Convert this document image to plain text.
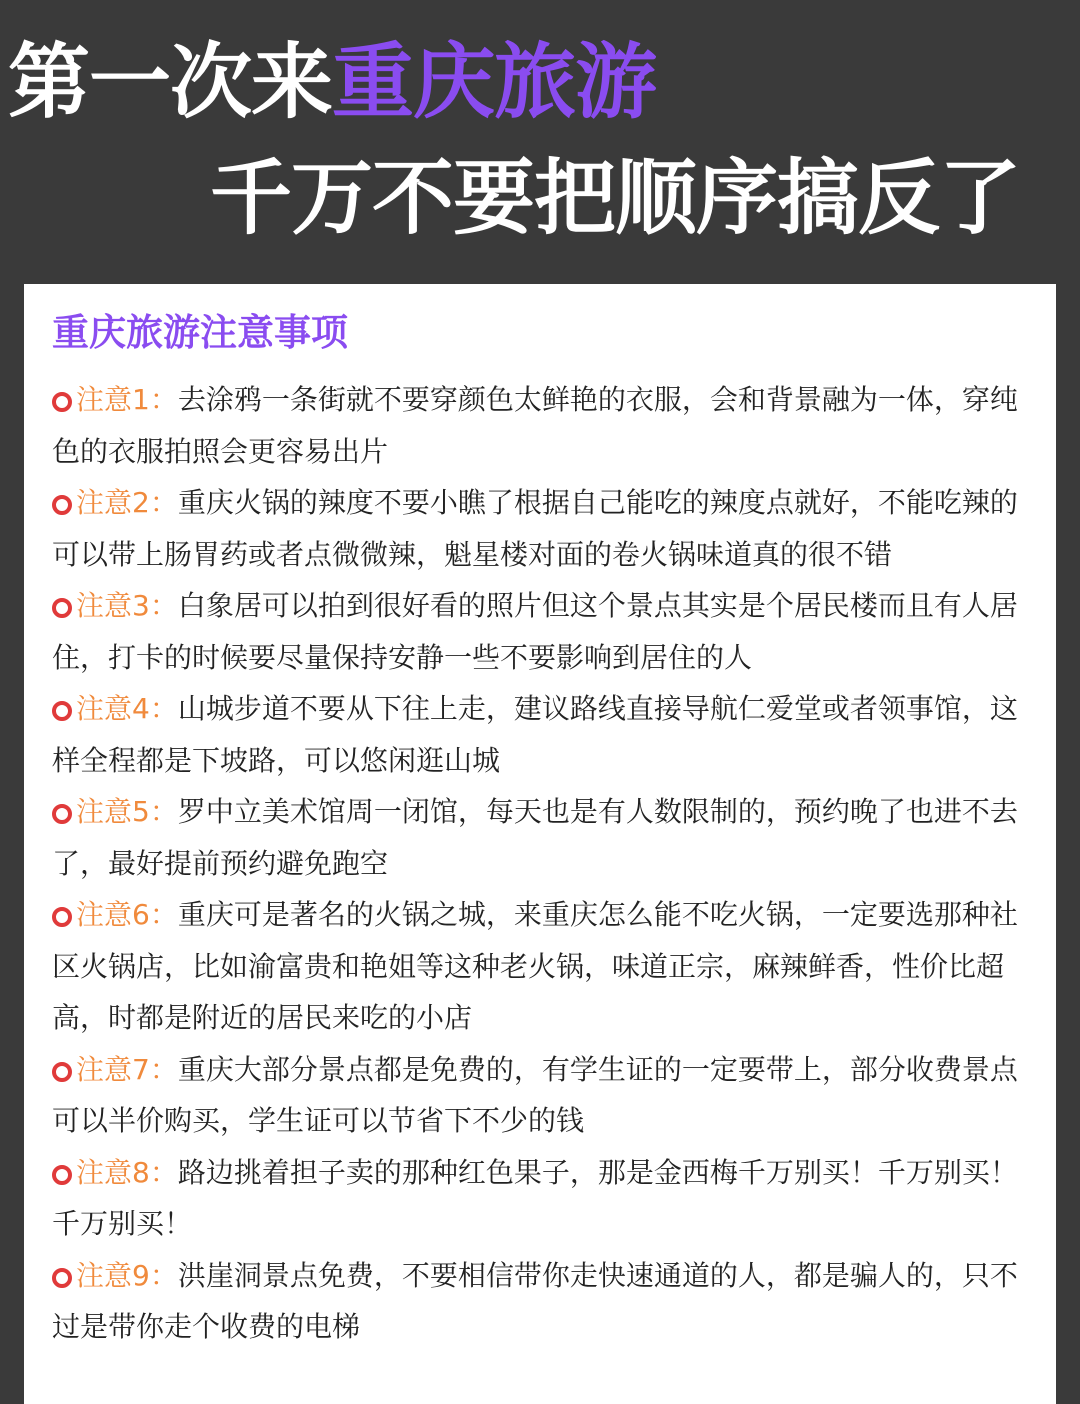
第一次来重庆旅游
千万不要把顺序搞反了
重庆旅游注意事项

注意1：去涂鸦一条街就不要穿颜色太鲜艳的衣服，会和背景融为一体，穿纯色的衣服拍照会更容易出片

注意2：重庆火锅的辣度不要小瞧了根据自己能吃的辣度点就好，不能吃辣的可以带上肠胃药或者点微微辣，魁星楼对面的卷火锅味道真的很不错

注意3：白象居可以拍到很好看的照片但这个景点其实是个居民楼而且有人居住，打卡的时候要尽量保持安静一些不要影响到居住的人

注意4：山城步道不要从下往上走，建议路线直接导航仁爱堂或者领事馆，这样全程都是下坡路，可以悠闲逛山城

注意5：罗中立美术馆周一闭馆，每天也是有人数限制的，预约晚了也进不去了，最好提前预约避免跑空

注意6：重庆可是著名的火锅之城，来重庆怎么能不吃火锅，一定要选那种社区火锅店，比如渝富贵和艳姐等这种老火锅，味道正宗，麻辣鲜香，性价比超高，时都是附近的居民来吃的小店

注意7：重庆大部分景点都是免费的，有学生证的一定要带上，部分收费景点可以半价购买，学生证可以节省下不少的钱

注意8：路边挑着担子卖的那种红色果子，那是金西梅千万别买！千万别买！千万别买！

注意9：洪崖洞景点免费，不要相信带你走快速通道的人，都是骗人的，只不过是带你走个收费的电梯
